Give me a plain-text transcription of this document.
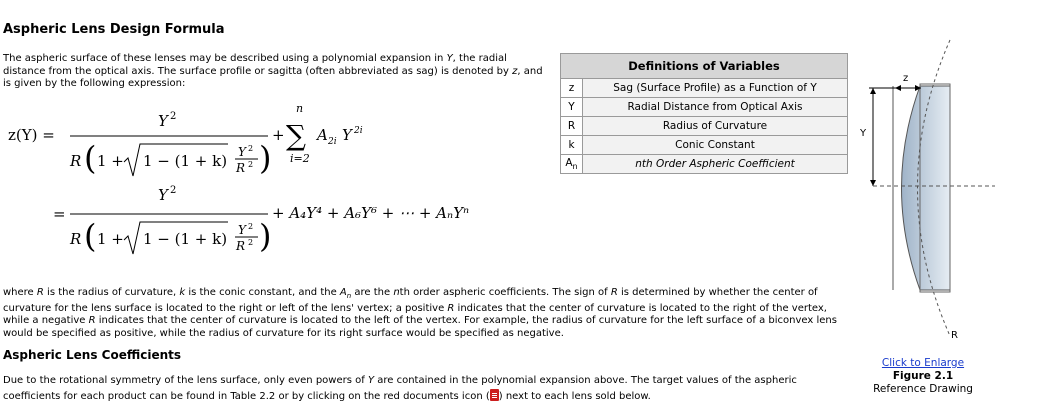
Aspheric Lens Design Formula
The aspheric surface of these lenses may be described using a polynomial expansion in Y, the radial distance from the optical axis. The surface profile or sagitta (often abbreviated as sag) is denoted by z, and is given by the following expression:
z(Y) =
Y 2
R ( 1 + 1 − (1 + k) Y 2
R 2 )
+
n
∑
i=2
A 2i Y 2i
Y 2
=
R ( 1 + 1 − (1 + k) Y 2
R 2 )
+ A₄Y⁴ + A₆Y⁶ + ⋯ + AₙYⁿ
Definitions of Variables	
z	Sag (Surface Profile) as a Function of Y
Y	Radial Distance from Optical Axis
R	Radius of Curvature
k	Conic Constant
$A_n$	nth Order Aspheric Coefficient
z
Y
R
Click to Enlarge
Figure 2.1
Reference Drawing
where R is the radius of curvature, k is the conic constant, and the $A_n$ are the nth order aspheric coefficients. The sign of R is determined by whether the center of curvature for the lens surface is located to the right or left of the lens' vertex; a positive R indicates that the center of curvature is located to the right of the vertex, while a negative R indicates that the center of curvature is located to the left of the vertex. For example, the radius of curvature for the left surface of a biconvex lens would be specified as positive, while the radius of curvature for its right surface would be specified as negative.
Aspheric Lens Coefficients
Due to the rotational symmetry of the lens surface, only even powers of Y are contained in the polynomial expansion above. The target values of the aspheric coefficients for each product can be found in Table 2.2 or by clicking on the red documents icon ( ) next to each lens sold below.
